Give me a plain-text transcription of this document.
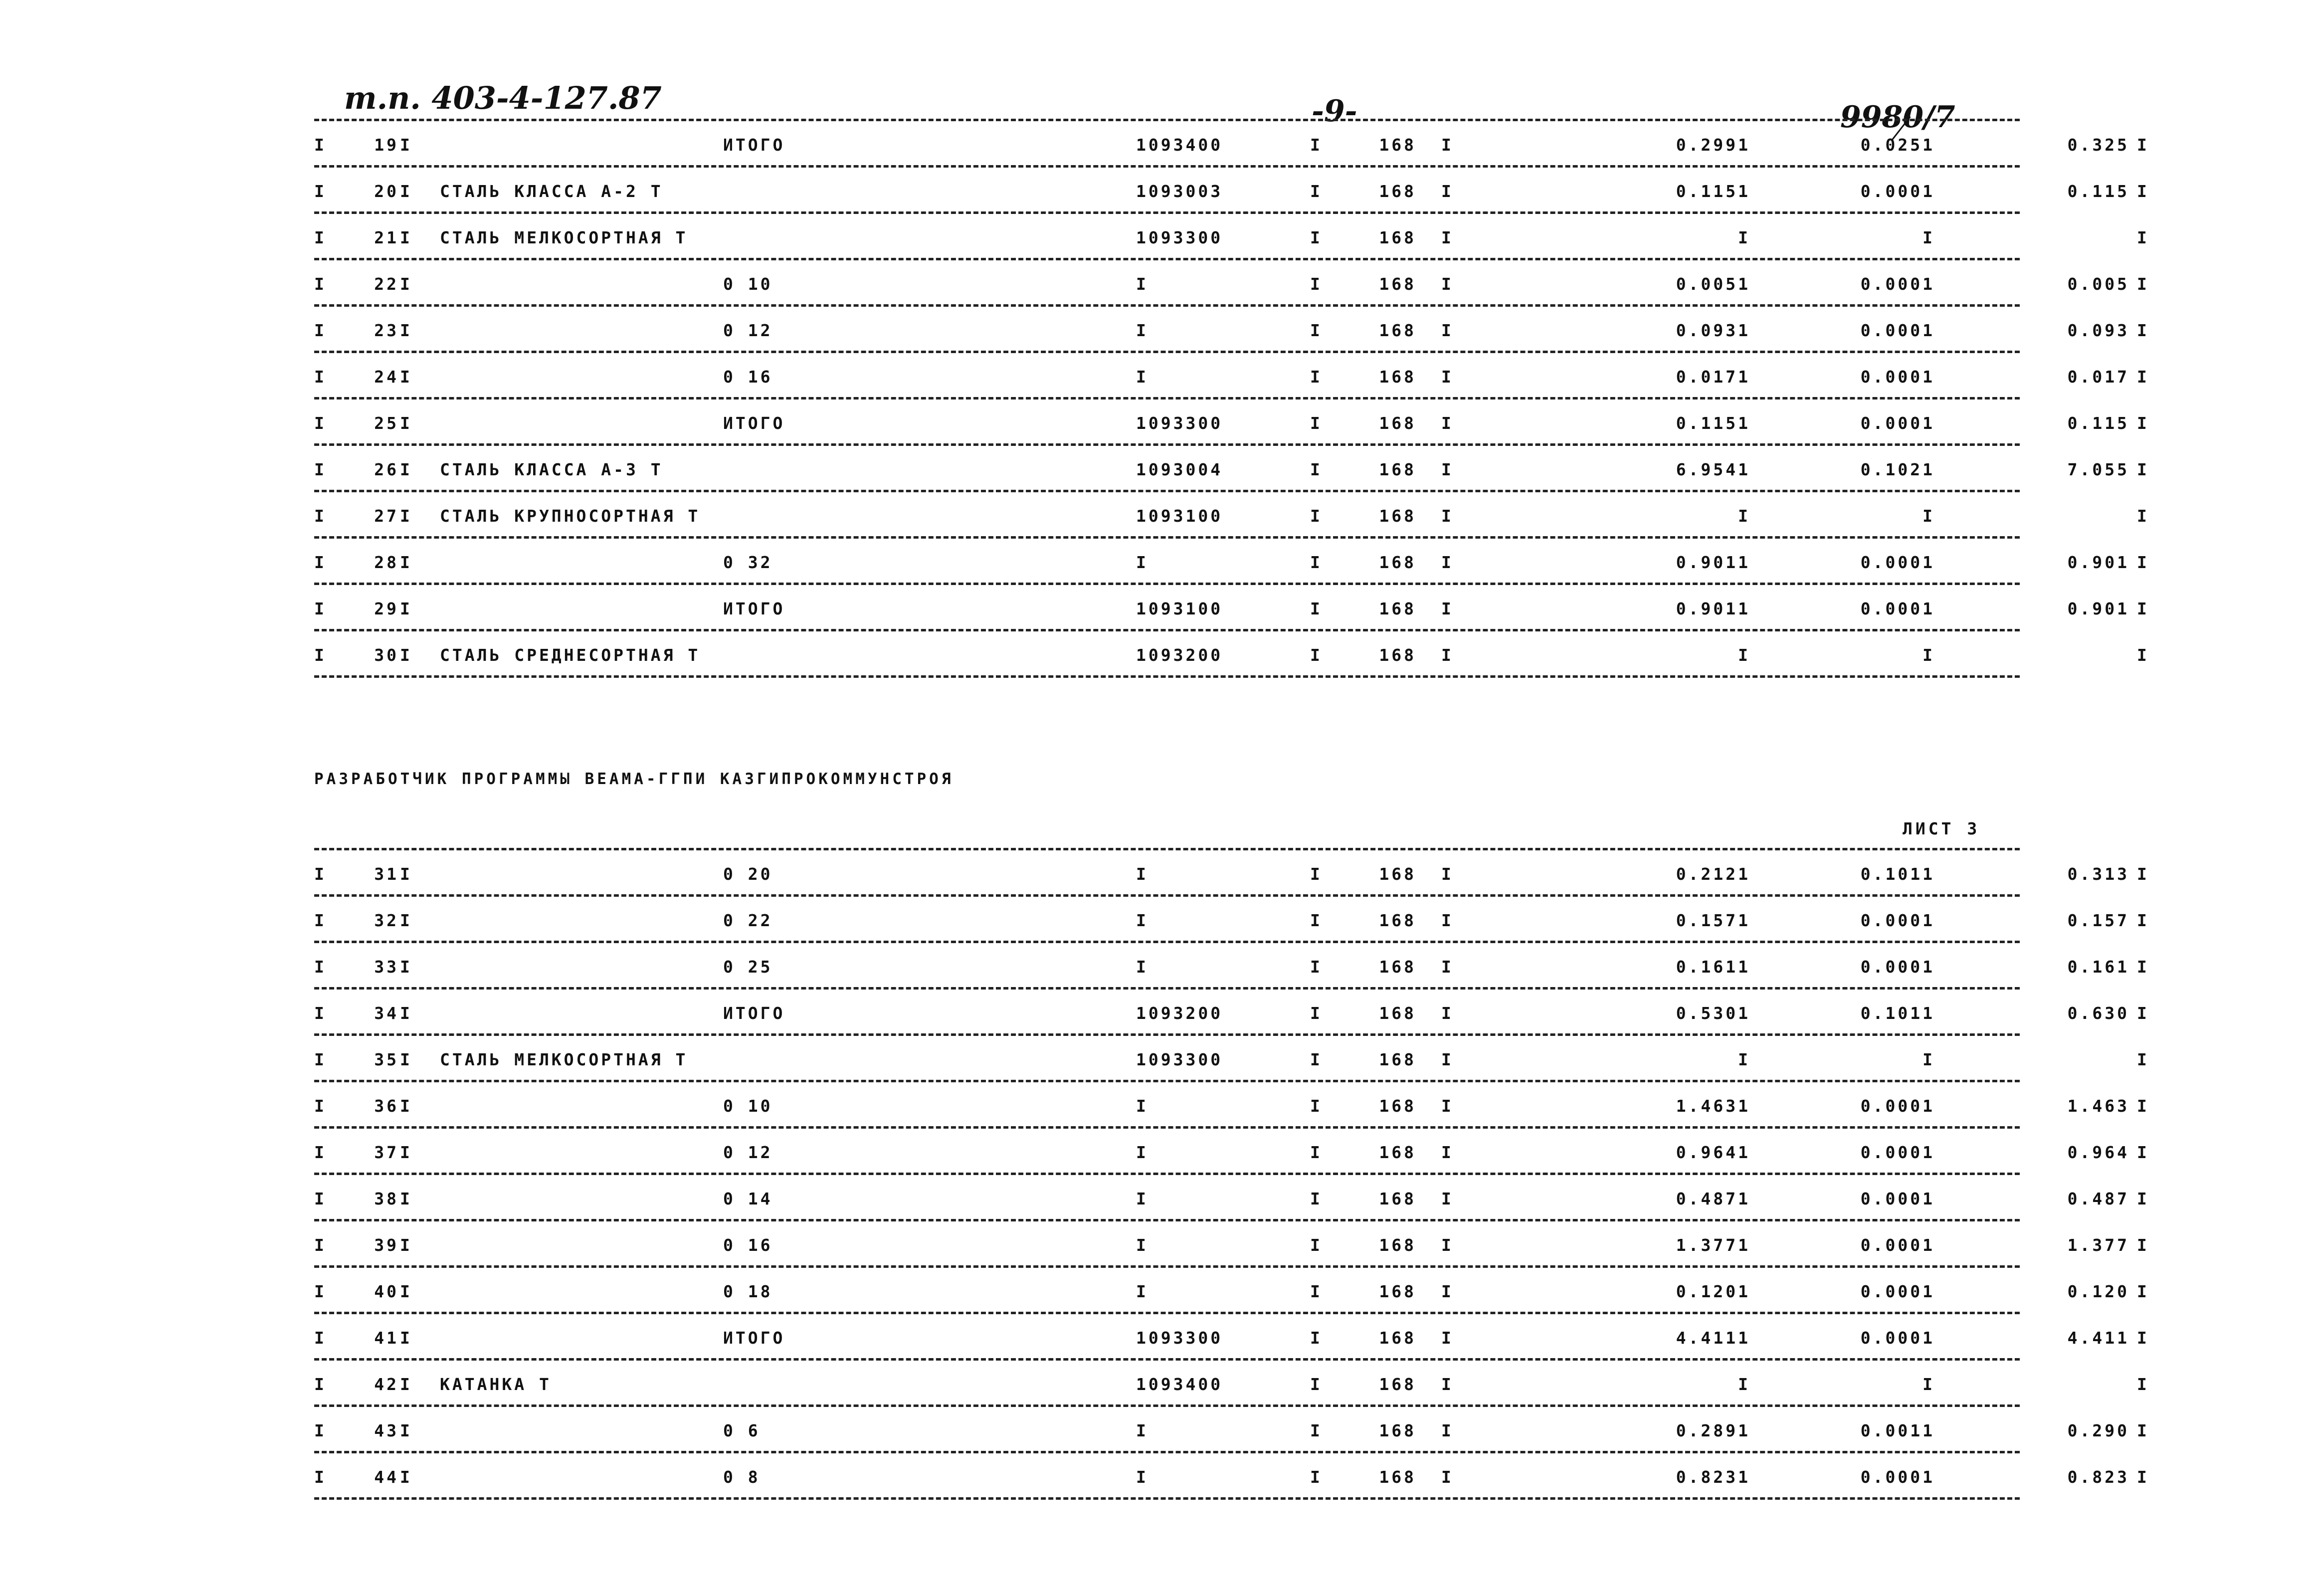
т.п. 403-4-127.87	-9-	9980/7
I	19 I	ИТОГО	1093400	I	168 I	0.2991	0.0251	0.325 I
I	20 I СТАЛЬ КЛАССА А-2 Т	1093003	I	168 I	0.1151	0.0001	0.115 I
I	21 I СТАЛЬ МЕЛКОСОРТНАЯ Т	1093300	I	168 I	I	I	I
I	22 I	0 10	I	I	168 I	0.0051	0.0001	0.005 I
I	23 I	0 12	I	I	168 I	0.0931	0.0001	0.093 I
I	24 I	0 16	I	I	168 I	0.0171	0.0001	0.017 I
I	25 I	ИТОГО	1093300	I	168 I	0.1151	0.0001	0.115 I
I	26 I СТАЛЬ КЛАССА А-3 Т	1093004	I	168 I	6.9541	0.1021	7.055 I
I	27 I СТАЛЬ КРУПНОСОРТНАЯ Т	1093100	I	168 I	I	I	I
I	28 I	0 32	I	I	168 I	0.9011	0.0001	0.901 I
I	29 I	ИТОГО	1093100	I	168 I	0.9011	0.0001	0.901 I
I	30 I СТАЛЬ СРЕДНЕСОРТНАЯ Т	1093200	I	168 I	I	I	I
РАЗРАБОТЧИК ПРОГРАММЫ ВЕАМА-ГГПИ КАЗГИПРОКОММУНСТРОЯ
ЛИСТ 3
I	31 I	0 20	I	I	168 I	0.2121	0.1011	0.313 I
I	32 I	0 22	I	I	168 I	0.1571	0.0001	0.157 I
I	33 I	0 25	I	I	168 I	0.1611	0.0001	0.161 I
I	34 I	ИТОГО	1093200	I	168 I	0.5301	0.1011	0.630 I
I	35 I СТАЛЬ МЕЛКОСОРТНАЯ Т	1093300	I	168 I	I	I	I
I	36 I	0 10	I	I	168 I	1.4631	0.0001	1.463 I
I	37 I	0 12	I	I	168 I	0.9641	0.0001	0.964 I
I	38 I	0 14	I	I	168 I	0.4871	0.0001	0.487 I
I	39 I	0 16	I	I	168 I	1.3771	0.0001	1.377 I
I	40 I	0 18	I	I	168 I	0.1201	0.0001	0.120 I
I	41 I	ИТОГО	1093300	I	168 I	4.4111	0.0001	4.411 I
I	42 I КАТАНКА Т	1093400	I	168 I	I	I	I
I	43 I	0 6	I	I	168 I	0.2891	0.0011	0.290 I
I	44 I	0 8	I	I	168 I	0.8231	0.0001	0.823 I
